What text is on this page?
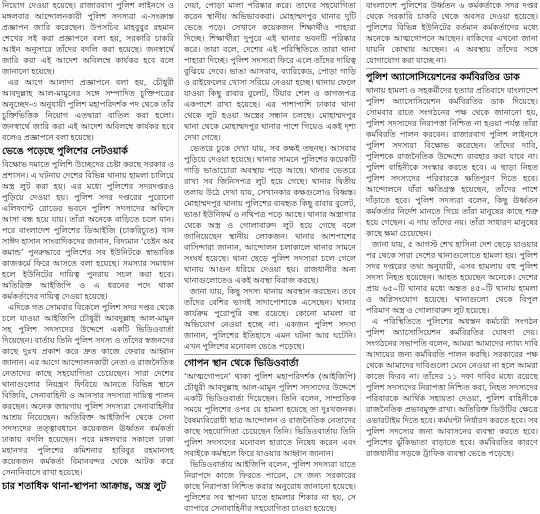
নিয়োগ দেওয়া হয়েছে। রাজারবাগ পুলিশ লাইনসে ও মঙ্গলবার আন্দোলনকারী পুলিশ সদস্যরা এ-সংক্রান্ত প্রজ্ঞাপন জারি করেছেন। উপসচিব মাহবুবুর রহমান শেখের সই করা প্রজ্ঞাপনে বলা হয়, সরকারি চাকরি আইন অনুসারে তাঁদের বদলি করা হয়েছে। জনস্বার্থে জারি করা এই আদেশ অবিলম্বে কার্যকর হবে বলে জানানো হয়েছে।

এর আগে আলাদা প্রজ্ঞাপনে বলা হয়, চৌধুরী আবদুল্লাহ আল-মামুনের সঙ্গে সম্পাদিত চুক্তিপত্রের অনুচ্ছেদ-৩ অনুযায়ী পুলিশ মহাপরিদর্শক পদ থেকে তাঁর চুক্তিভিত্তিক নিয়োগ এতদ্বারা বাতিল করা হলো। জনস্বার্থে জারি করা এই আদেশ অবিলম্বে কার্যকর হবে বলেও প্রজ্ঞাপনে বলা হয়েছে।

ভেঙে পড়েছে পুলিশের নেটওয়ার্ক

বিক্ষোভ দমাতে পুলিশি উচ্ছেদের চেষ্টা করছে সরকার ও প্রশাসন। এ ঘটনায় দেশের বিভিন্ন থানায় হামলা চালিয়ে অস্ত্র লুট করা হয়। এর মধ্যে পুলিশের সদরদপ্তরও পুড়িয়ে দেওয়া হয়। পুলিশ সদর দপ্তরের পুরোনো এলিফ্যান্ট রোডের ভবনে পুলিশ সদস্যদের অফিসে আসা বন্ধ হয়ে যায়। তাঁরা অনেকে বাড়িতে চলে যান। পরে বাংলাদেশ পুলিশের ডিআইজি (চাকরিচ্যুত) খান সাঈদ হাসান সাংবাদিকদের জানান, বিদ্যমান ‘চেইন অব কমান্ড’ পুনরুদ্ধারে পুলিশের সব ইউনিটকে স্বাভাবিক কাজকর্মে ফিরে আসতে বলা হয়েছে। সমস্যার সমাধান হলে ইউনিটের দায়িত্ব পুনরায় সচল করা হবে। অতিরিক্ত আইজিপি ও এ ধরনের পদে থাকা কর্মকর্তাদের দায়িত্ব দেওয়া হয়েছে।

এদিকে গত সোমবার বিকেলে পুলিশ সদর দপ্তর থেকে চলে যাওয়া আইজিপি চৌধুরী আবদুল্লাহ আল-মামুন সহ পুলিশ সদস্যদের উদ্দেশে একটি ভিডিওবার্তা দিয়েছেন। বার্তায় তিনি পুলিশ সদস্য ও তাঁদের স্বজনদের কাছে দুঃখ প্রকাশ করে দ্রুত কাজে ফেরার আহ্বান জানান। এর আগে আন্দোলনকারী নেতা ও রাজনৈতিক নেতাদের কাছে সহযোগিতা চেয়েছেন। সারা দেশের থানাগুলোর নিয়ন্ত্রণ ফিরিয়ে আনতে বিভিন্ন স্থানে বিজিবি, সেনাবাহিনী ও আনসার সদস্যরা দায়িত্ব পালন করছেন। অনেক জায়গায় পুলিশ সদস্যরা সেনাবাহিনীর আশ্রয় নিয়েছেন। অতিরিক্ত আইজিপি থেকে সেনা সদস্যদের তত্ত্বাবধানে কয়েকজন ঊর্ধ্বতন কর্মকর্তা ঢাকায় বদলি হয়েছেন। পরে মঙ্গলবার সকালে ঢাকা মহানগর পুলিশের কমিশনার হাবিবুর রহমানসহ কয়েকজন কর্মকর্তা বিমানবন্দর থেকে আটক করে সেনানিবাসে রাখা হয়েছে।

চার শতাধিক থানা-স্থাপনা আক্রান্ত, অস্ত্র লুট

দেয়া, পোড়া মালা পরিষ্কার করে। তাদের সহযোগিতা করেন স্থানীয় অভিভাবকরা। মোহাম্মদপুর থানার দুটি ভেঙে পড়ে। সেখানে কয়েকজন শিক্ষার্থীও পাহারা দিচ্ছে। শিক্ষার্থীরা দুপুরে এই থানার ভবনটি পরিষ্কার করে। তারা বলে, দেশের এই পরিস্থিতিতে তারা থানা পাহারা দিচ্ছে। পুলিশ সদস্যরা ফিরে এলে তাঁদের দায়িত্ব বুঝিয়ে দেবে। ভাঙা আসবাব, ব্যারিকেড, পোড়া গাড়ি ও রাইফেলের খোসা সরিয়ে নেওয়া হচ্ছে। থানায় ফেলে যাওয়া কিছু রাবার বুলেট, টিয়ার শেল ও কাগজপত্র একপাশে রাখা হয়েছে। এর পাশাপাশি ঢাকার থানা থেকে লুট হওয়া অস্ত্রের সন্ধান চলছে। মোহাম্মদপুর থানা থেকে মোহাম্মদপুর থানার পাশে গিয়েও একই দৃশ্য দেখা গেছে।

ভেতরে ঢুকে দেখা যায়, সব কক্ষই তছনছ। আসবাব পুড়িয়ে দেওয়া হয়েছে। থানার সামনে পুলিশের কয়েকটি গাড়ি ভাঙাচোরা অবস্থায় পড়ে আছে। থানার ভেতরে রাখা সব জিনিসপত্র লুট হয়ে গেছে। থানার দ্বিতীয় তলায় উঠে দেখা যায়, সেখানকার কক্ষগুলোও বিধ্বস্ত। মোহাম্মদপুর থানায় পুলিশের ব্যবহৃত কিছু রাবার বুলেট, ভাঙা ইউনিফর্ম ও নথিপত্র পড়ে আছে। থানার অস্ত্রাগার থেকে অস্ত্র ও গোলাবারুদ লুট হয়ে গেছে বলে জানিয়েছেন স্থানীয় লোকজন। থানার আশপাশের বাসিন্দারা জানান, আন্দোলন চলাকালে থানার সামনে সংঘর্ষ হয়েছে। থানা ছেড়ে পুলিশ সদস্যরা চলে গেলে থানায় আগুন ধরিয়ে দেওয়া হয়। রাজধানীর অন্য থানাগুলোতেও একই অবস্থা বিরাজ করছে।

জানা যায়, কিছু সদস্য থানায় অবস্থান করছেন। তবে তাঁদের বেশির ভাগই সাদাপোশাকে এসেছেন। থানার কার্যক্রম পুরোপুরি বন্ধ রয়েছে। কোনো মামলা বা অভিযোগ নেওয়া হচ্ছে না। একজন পুলিশ সদস্য জানান, পুলিশের ইতিহাসে এমন ঘটনা আর ঘটেনি। এখন পুলিশের মনোবল ভেঙে পড়েছে।

গোপন স্থান থেকে ভিডিওবার্তা

‘আত্মগোপনে’ থাকা পুলিশ মহাপরিদর্শক (আইজিপি) চৌধুরী আবদুল্লাহ আল-মামুন পুলিশ সদস্যদের উদ্দেশে একটি ভিডিওবার্তা দিয়েছেন। তিনি বলেন, সাম্প্রতিক সময়ে পুলিশের ওপর যে হামলা হয়েছে তা দুঃখজনক। বৈষম্যবিরোধী ছাত্র আন্দোলন ও রাজনৈতিক নেতাদের কাছে সহযোগিতা চেয়েছেন তিনি। ভিডিওবার্তায় তিনি পুলিশ সদস্যদের মনোবল হারাতে নিষেধ করেন এবং সবাইকে কর্মস্থলে ফিরে যাওয়ার আহ্বান জানান।

ভিডিওবার্তায় আইজিপি বলেন, পুলিশ সদস্যরা যাতে নিরাপদে কাজে ফিরতে পারেন, সে জন্য সরকারের কাছে নিরাপত্তা নিশ্চিত করার অনুরোধ জানানো হয়েছে। পুলিশের সব স্থাপনা যাতে হামলার শিকার না হয়, সে ব্যাপারে সেনাবাহিনীর সহযোগিতা চাওয়া হয়েছে।

বাংলাদেশ পুলিশের উর্ধ্বতন ৬ কর্মকর্তাকে সদর দপ্তর থেকে সরকারি চাকরি থেকে অবসর দেওয়া হয়েছে। পুলিশের বিভিন্ন ইউনিটের বর্তমান কর্মকর্তাদের মধ্যে অনেকে আত্মগোপনে আছেন। বাকিদের এখনো জানা যায়নি কোথায় আছেন। এ অবস্থায় তাঁদের সঙ্গে যোগাযোগ করা যাচ্ছে না।

পুলিশ অ্যাসোসিয়েশনের কর্মবিরতির ডাক

থানায় হামলা ও সহকর্মীদের হত্যার প্রতিবাদে বাংলাদেশ পুলিশ অ্যাসোসিয়েশন কর্মবিরতির ডাক দিয়েছে। সোমবার রাতে সংগঠনের পক্ষ থেকে জানানো হয়, পুলিশ সদস্যদের নিরাপত্তা নিশ্চিত না হওয়া পর্যন্ত তাঁরা কর্মবিরতি পালন করবেন। রাজারবাগ পুলিশ লাইনসে পুলিশ সদস্যরা বিক্ষোভ করেছেন। তাঁদের দাবি, পুলিশকে রাজনৈতিক উদ্দেশ্যে ব্যবহার করা যাবে না। পুলিশ বাহিনীকে সংস্কার করতে হবে। এ ছাড়া নিহত পুলিশ সদস্যদের পরিবারকে ক্ষতিপূরণ দিতে হবে। আন্দোলনে যাঁরা ক্ষতিগ্রস্ত হয়েছেন, তাঁদের পাশে দাঁড়াতে হবে। পুলিশ সদস্যরা বলেন, কিছু ঊর্ধ্বতন কর্মকর্তার নির্দেশ মানতে গিয়ে তাঁরা মানুষের কাছে শত্রু হয়ে গেছেন। এ দায় তাঁদের নয়। তাঁরা সাধারণ মানুষের কাছে ক্ষমা চেয়েছেন।

জানা যায়, ৫ আগস্ট শেখ হাসিনা দেশ ছেড়ে যাওয়ার পর থেকে সারা দেশের থানাগুলোতে হামলা হয়। পুলিশ সদর দপ্তরের তথ্য অনুযায়ী, এসব হামলায় বহু পুলিশ সদস্য নিহত হয়েছেন। আহত হয়েছেন অনেকে। দেশের প্রায় ৬৫০টি থানার মধ্যে অন্তত ৪৫০টি থানায় হামলা ও অগ্নিসংযোগ হয়েছে। থানাগুলো থেকে বিপুল পরিমাণ অস্ত্র ও গোলাবারুদ লুট হয়েছে।

এ পরিস্থিতিতে পুলিশের অধস্তন কর্মচারী সংগঠন পুলিশ অ্যাসোসিয়েশন কর্মবিরতির ঘোষণা দেয়। সংগঠনের সভাপতি বলেন, আমরা আমাদের ন্যায্য দাবি আদায়ের জন্য কর্মবিরতি পালন করছি। সরকারের পক্ষ থেকে আমাদের দাবিগুলো মেনে নেওয়া না হলে আমরা কাজে ফিরব না। তাঁদের ১১ দফা দাবির মধ্যে রয়েছে পুলিশ সদস্যদের নিরাপত্তা নিশ্চিত করা, নিহত সদস্যদের পরিবারকে আর্থিক সহায়তা দেওয়া, পুলিশ বাহিনীকে রাজনৈতিক প্রভাবমুক্ত রাখা। অতিরিক্ত ডিউটির ক্ষেত্রে ওভারটাইম দিতে হবে। কর্মঘণ্টা নির্ধারণ করতে হবে। সব পুলিশ সদস্যের জন্য আবাসনের ব্যবস্থা করতে হবে। পুলিশের ঝুঁকিভাতা বাড়াতে হবে। কর্মবিরতির কারণে রাজধানীর সড়কে ট্রাফিক ব্যবস্থা ভেঙে পড়েছে।
